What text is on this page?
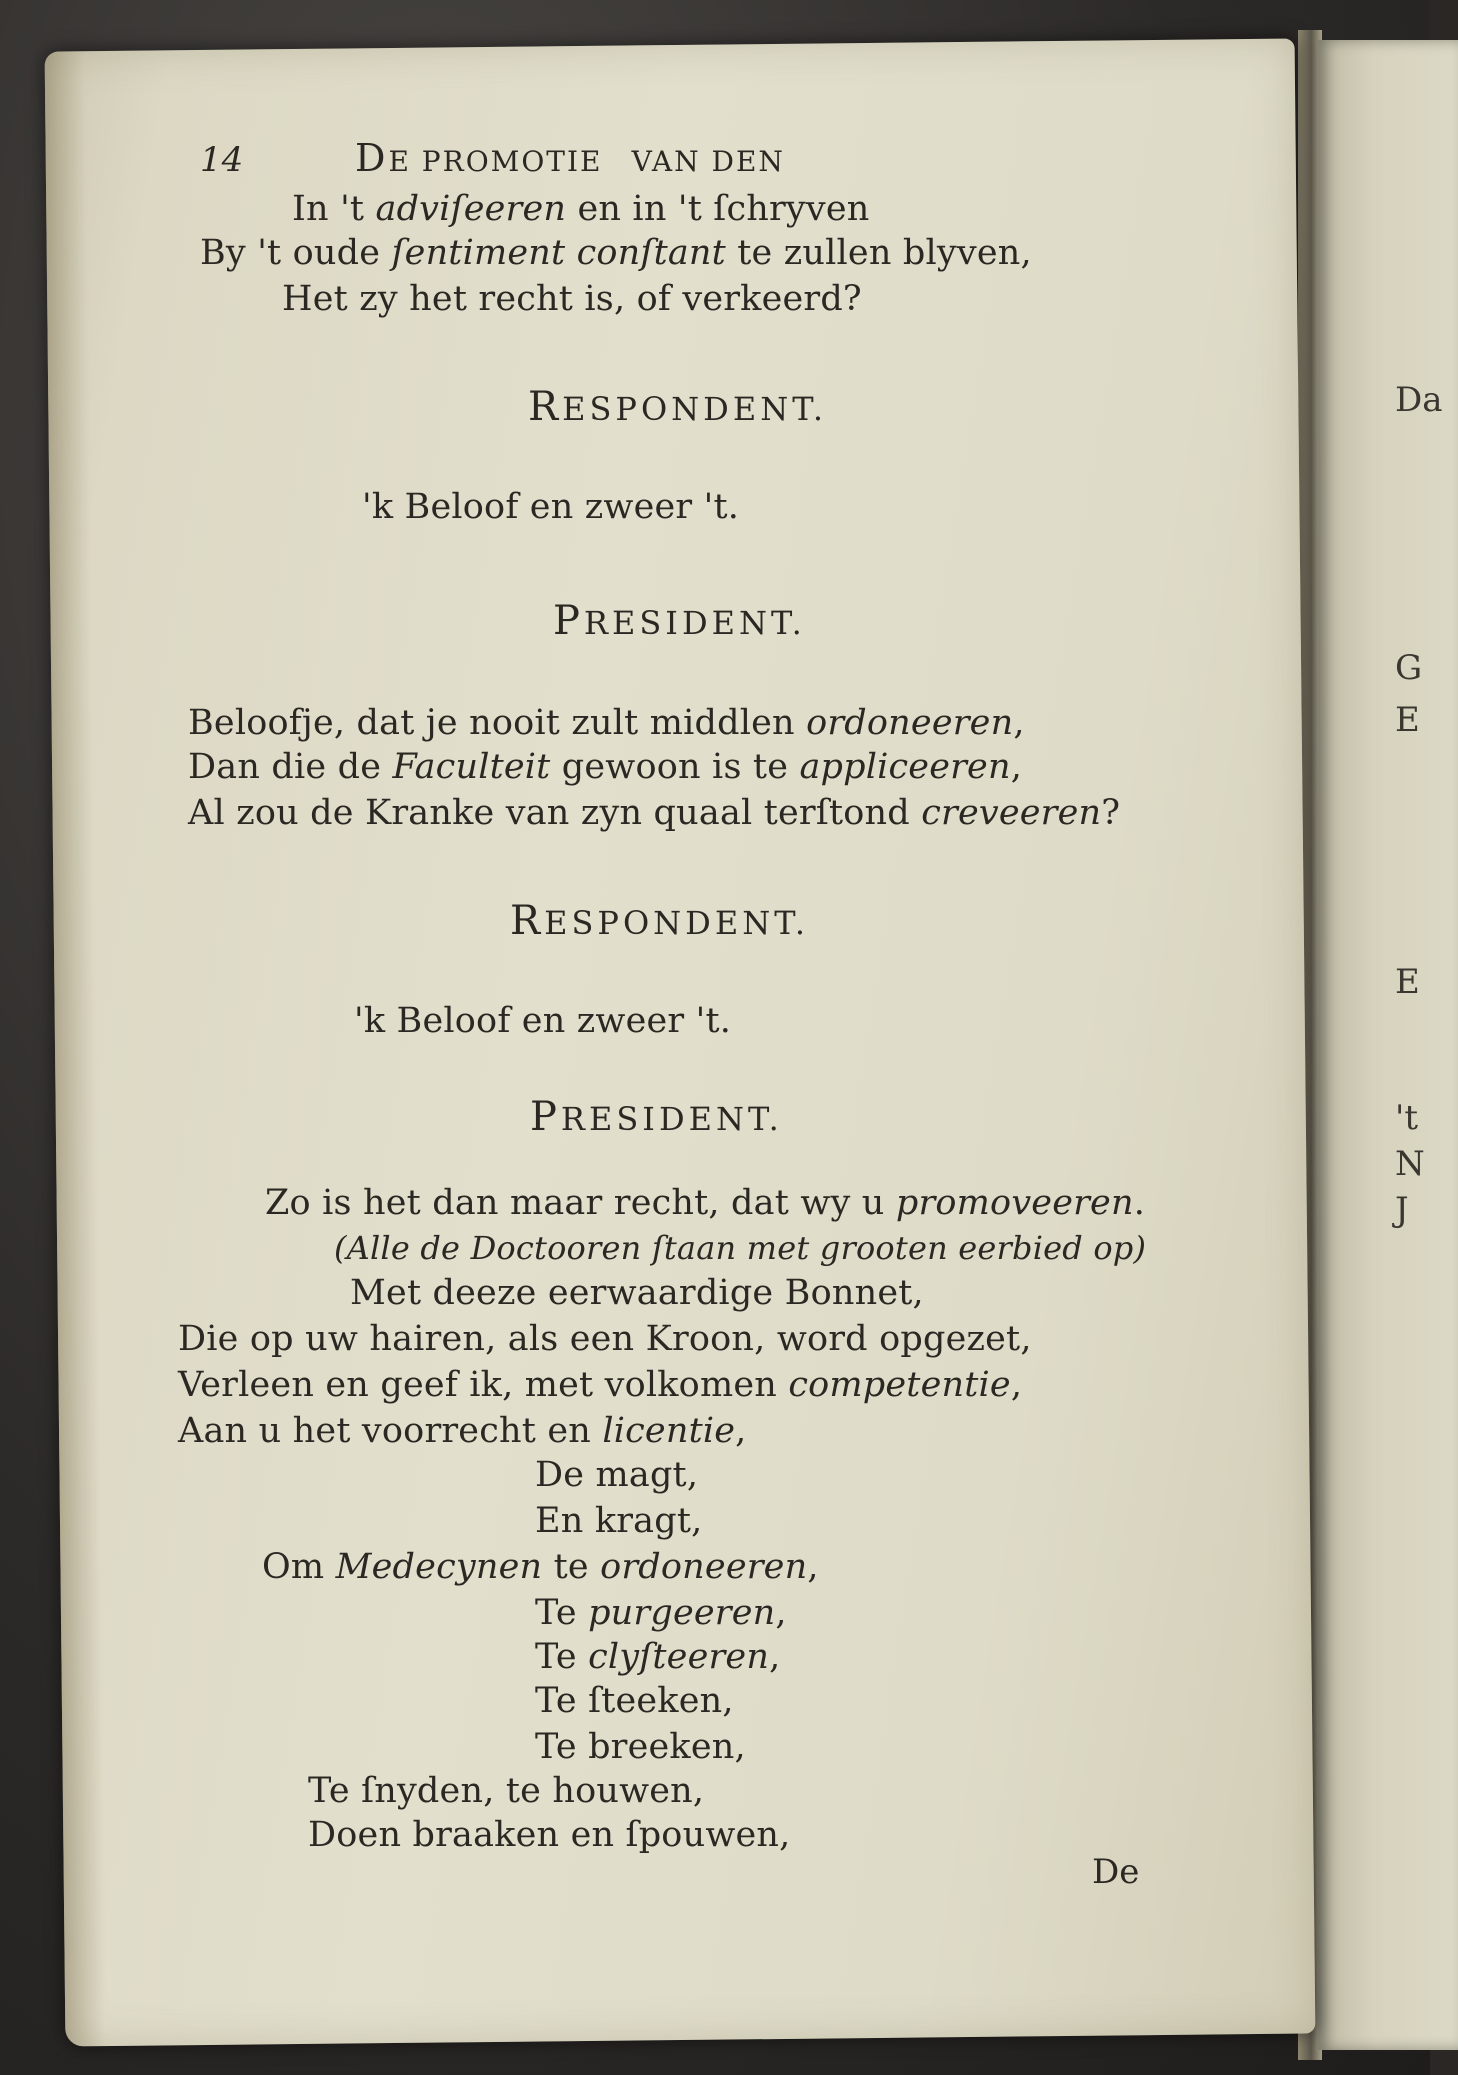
Da
G
E
E
't
N
J
14	DE PROMOTIE VAN DEN
In 't adviſeeren en in 't ſchryven
By 't oude ſentiment conſtant te zullen blyven,
Het zy het recht is, of verkeerd?
RESPONDENT.
'k Beloof en zweer 't.
PRESIDENT.
Beloofje, dat je nooit zult middlen ordoneeren,
Dan die de Faculteit gewoon is te appliceeren,
Al zou de Kranke van zyn quaal terſtond creveeren?
RESPONDENT.
'k Beloof en zweer 't.
PRESIDENT.
Zo is het dan maar recht, dat wy u promoveeren.
(Alle de Doctooren ſtaan met grooten eerbied op)
Met deeze eerwaardige Bonnet,
Die op uw hairen, als een Kroon, word opgezet,
Verleen en geef ik, met volkomen competentie,
Aan u het voorrecht en licentie,
De magt,
En kragt,
Om Medecynen te ordoneeren,
Te purgeeren,
Te clyſteeren,
Te ſteeken,
Te breeken,
Te ſnyden, te houwen,
Doen braaken en ſpouwen,
De
